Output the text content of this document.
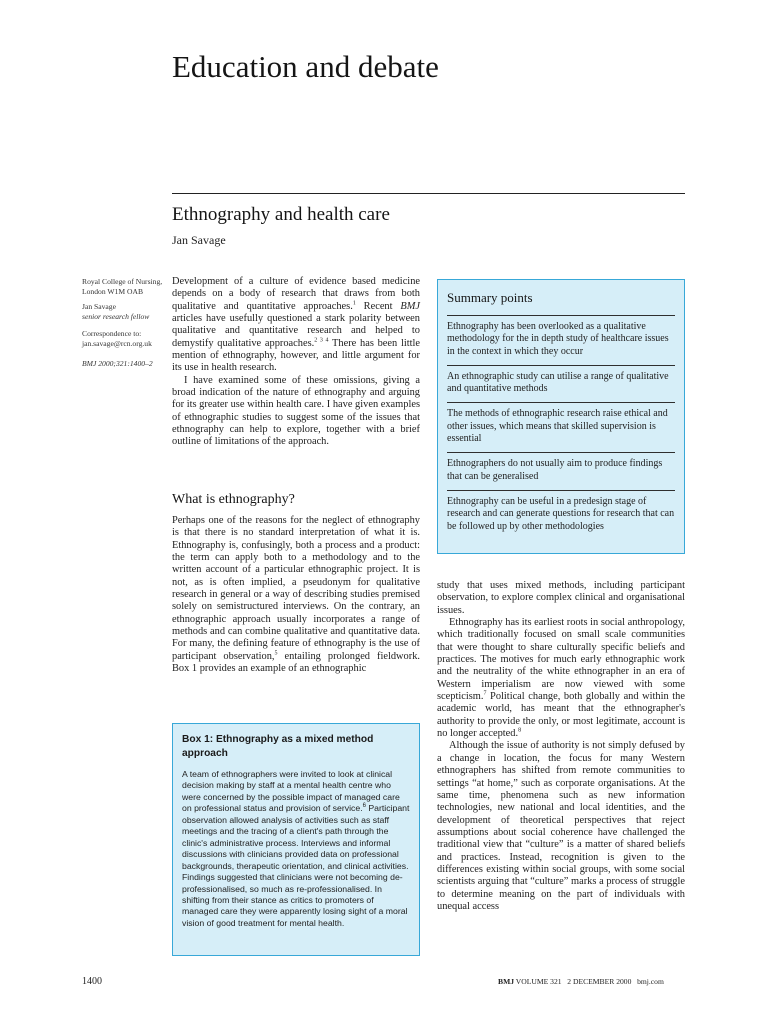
Education and debate
Ethnography and health care
Jan Savage

Royal College of Nursing, London W1M OAB

Jan Savage
senior research fellow

Correspondence to: jan.savage@rcn.org.uk

BMJ 2000;321:1400–2

Development of a culture of evidence based medicine depends on a body of research that draws from both qualitative and quantitative approaches.$^1$ Recent BMJ articles have usefully questioned a stark polarity between qualitative and quantitative research and helped to demystify qualitative approaches.$^{2 3 4}$ There has been little mention of ethnography, however, and little argument for its use in health research.

I have examined some of these omissions, giving a broad indication of the nature of ethnography and arguing for its greater use within health care. I have given examples of ethnographic studies to suggest some of the issues that ethnography can help to explore, together with a brief outline of limitations of the approach.

What is ethnography?

Perhaps one of the reasons for the neglect of ethnography is that there is no standard interpretation of what it is. Ethnography is, confusingly, both a process and a product: the term can apply both to a methodology and to the written account of a particular ethnographic project. It is not, as is often implied, a pseudonym for qualitative research in general or a way of describing studies premised solely on semistructured interviews. On the contrary, an ethnographic approach usually incorporates a range of methods and can combine qualitative and quantitative data. For many, the defining feature of ethnography is the use of participant observation,$^5$ entailing prolonged fieldwork. Box 1 provides an example of an ethnographic

Summary points
Ethnography has been overlooked as a qualitative methodology for the in depth study of healthcare issues in the context in which they occur
An ethnographic study can utilise a range of qualitative and quantitative methods
The methods of ethnographic research raise ethical and other issues, which means that skilled supervision is essential
Ethnographers do not usually aim to produce findings that can be generalised
Ethnography can be useful in a predesign stage of research and can generate questions for research that can be followed up by other methodologies
Box 1: Ethnography as a mixed method approach
A team of ethnographers were invited to look at clinical decision making by staff at a mental health centre who were concerned by the possible impact of managed care on professional status and provision of service.$^6$ Participant observation allowed analysis of activities such as staff meetings and the tracing of a client's path through the clinic's administrative process. Interviews and informal discussions with clinicians provided data on professional backgrounds, therapeutic orientation, and clinical activities. Findings suggested that clinicians were not becoming de-professionalised, so much as re-professionalised. In shifting from their stance as critics to promoters of managed care they were apparently losing sight of a moral vision of good treatment for mental health.

study that uses mixed methods, including participant observation, to explore complex clinical and organisational issues.

Ethnography has its earliest roots in social anthropology, which traditionally focused on small scale communities that were thought to share culturally specific beliefs and practices. The motives for much early ethnographic work and the neutrality of the white ethnographer in an era of Western imperialism are now viewed with some scepticism.$^7$ Political change, both globally and within the academic world, has meant that the ethnographer's authority to provide the only, or most legitimate, account is no longer accepted.$^8$

Although the issue of authority is not simply defused by a change in location, the focus for many Western ethnographers has shifted from remote communities to settings “at home,” such as corporate organisations. At the same time, phenomena such as new information technologies, new national and local identities, and the development of theoretical perspectives that reject assumptions about social coherence have challenged the traditional view that “culture” is a matter of shared beliefs and practices. Instead, recognition is given to the differences existing within social groups, with some social scientists arguing that “culture” marks a process of struggle to determine meaning on the part of individuals with unequal access

1400	BMJ VOLUME 321   2 DECEMBER 2000   bmj.com
